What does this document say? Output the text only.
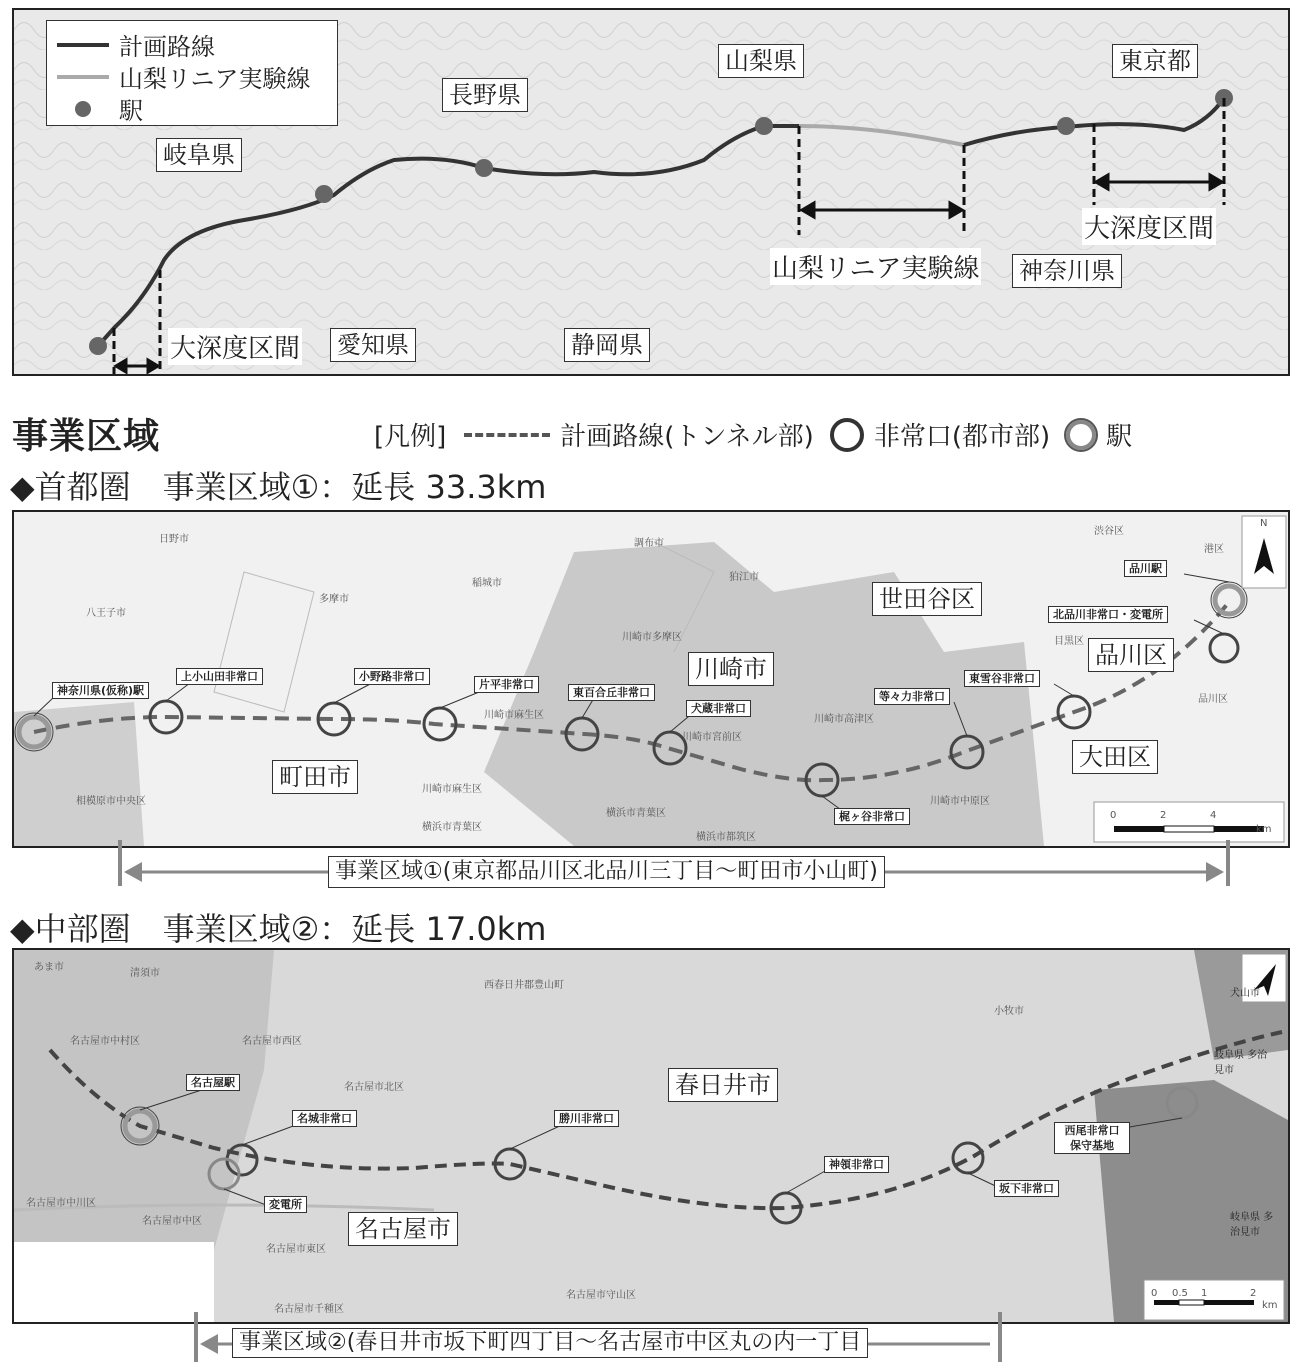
計画路線
山梨リニア実験線
駅
岐阜県
長野県
山梨県	東京都
神奈川県
愛知県	静岡県
大深度区間
大深度区間
山梨リニア実験線
事業区域	[凡例]	計画路線(トンネル部) 非常口(都市部) 駅
◆首都圏　事業区域①：延長 33.3km
0	2	4
km
N
日野市	調布市
渋谷区
港区
狛江市
稲城市
多摩市
八王子市
川崎市多摩区	目黒区
品川区
川崎市麻生区
川崎市宮前区
川崎市高津区
相模原市中央区
川崎市麻生区
横浜市青葉区
横浜市青葉区
川崎市中原区
横浜市都筑区
品川駅
北品川非常口・変電所
東雪谷非常口
等々力非常口
梶ヶ谷非常口
犬蔵非常口
東百合丘非常口
片平非常口
小野路非常口
上小山田非常口
神奈川県(仮称)駅
世田谷区
品川区
川崎市
町田市
大田区
事業区域①(東京都品川区北品川三丁目〜町田市小山町)
◆中部圏　事業区域②：延長 17.0km
0 0.5 1	2
km
あま市
清須市
西春日井郡豊山町
名古屋市中村区	名古屋市西区
名古屋市北区
小牧市
犬山市
岐阜県 多治見市
名古屋市中川区
名古屋市中区
名古屋市東区
名古屋市守山区
名古屋市千種区
岐阜県 多治見市
名古屋駅
名城非常口
変電所
勝川非常口
神領非常口
坂下非常口
西尾非常口 保守基地
春日井市
名古屋市
事業区域②(春日井市坂下町四丁目〜名古屋市中区丸の内一丁目
